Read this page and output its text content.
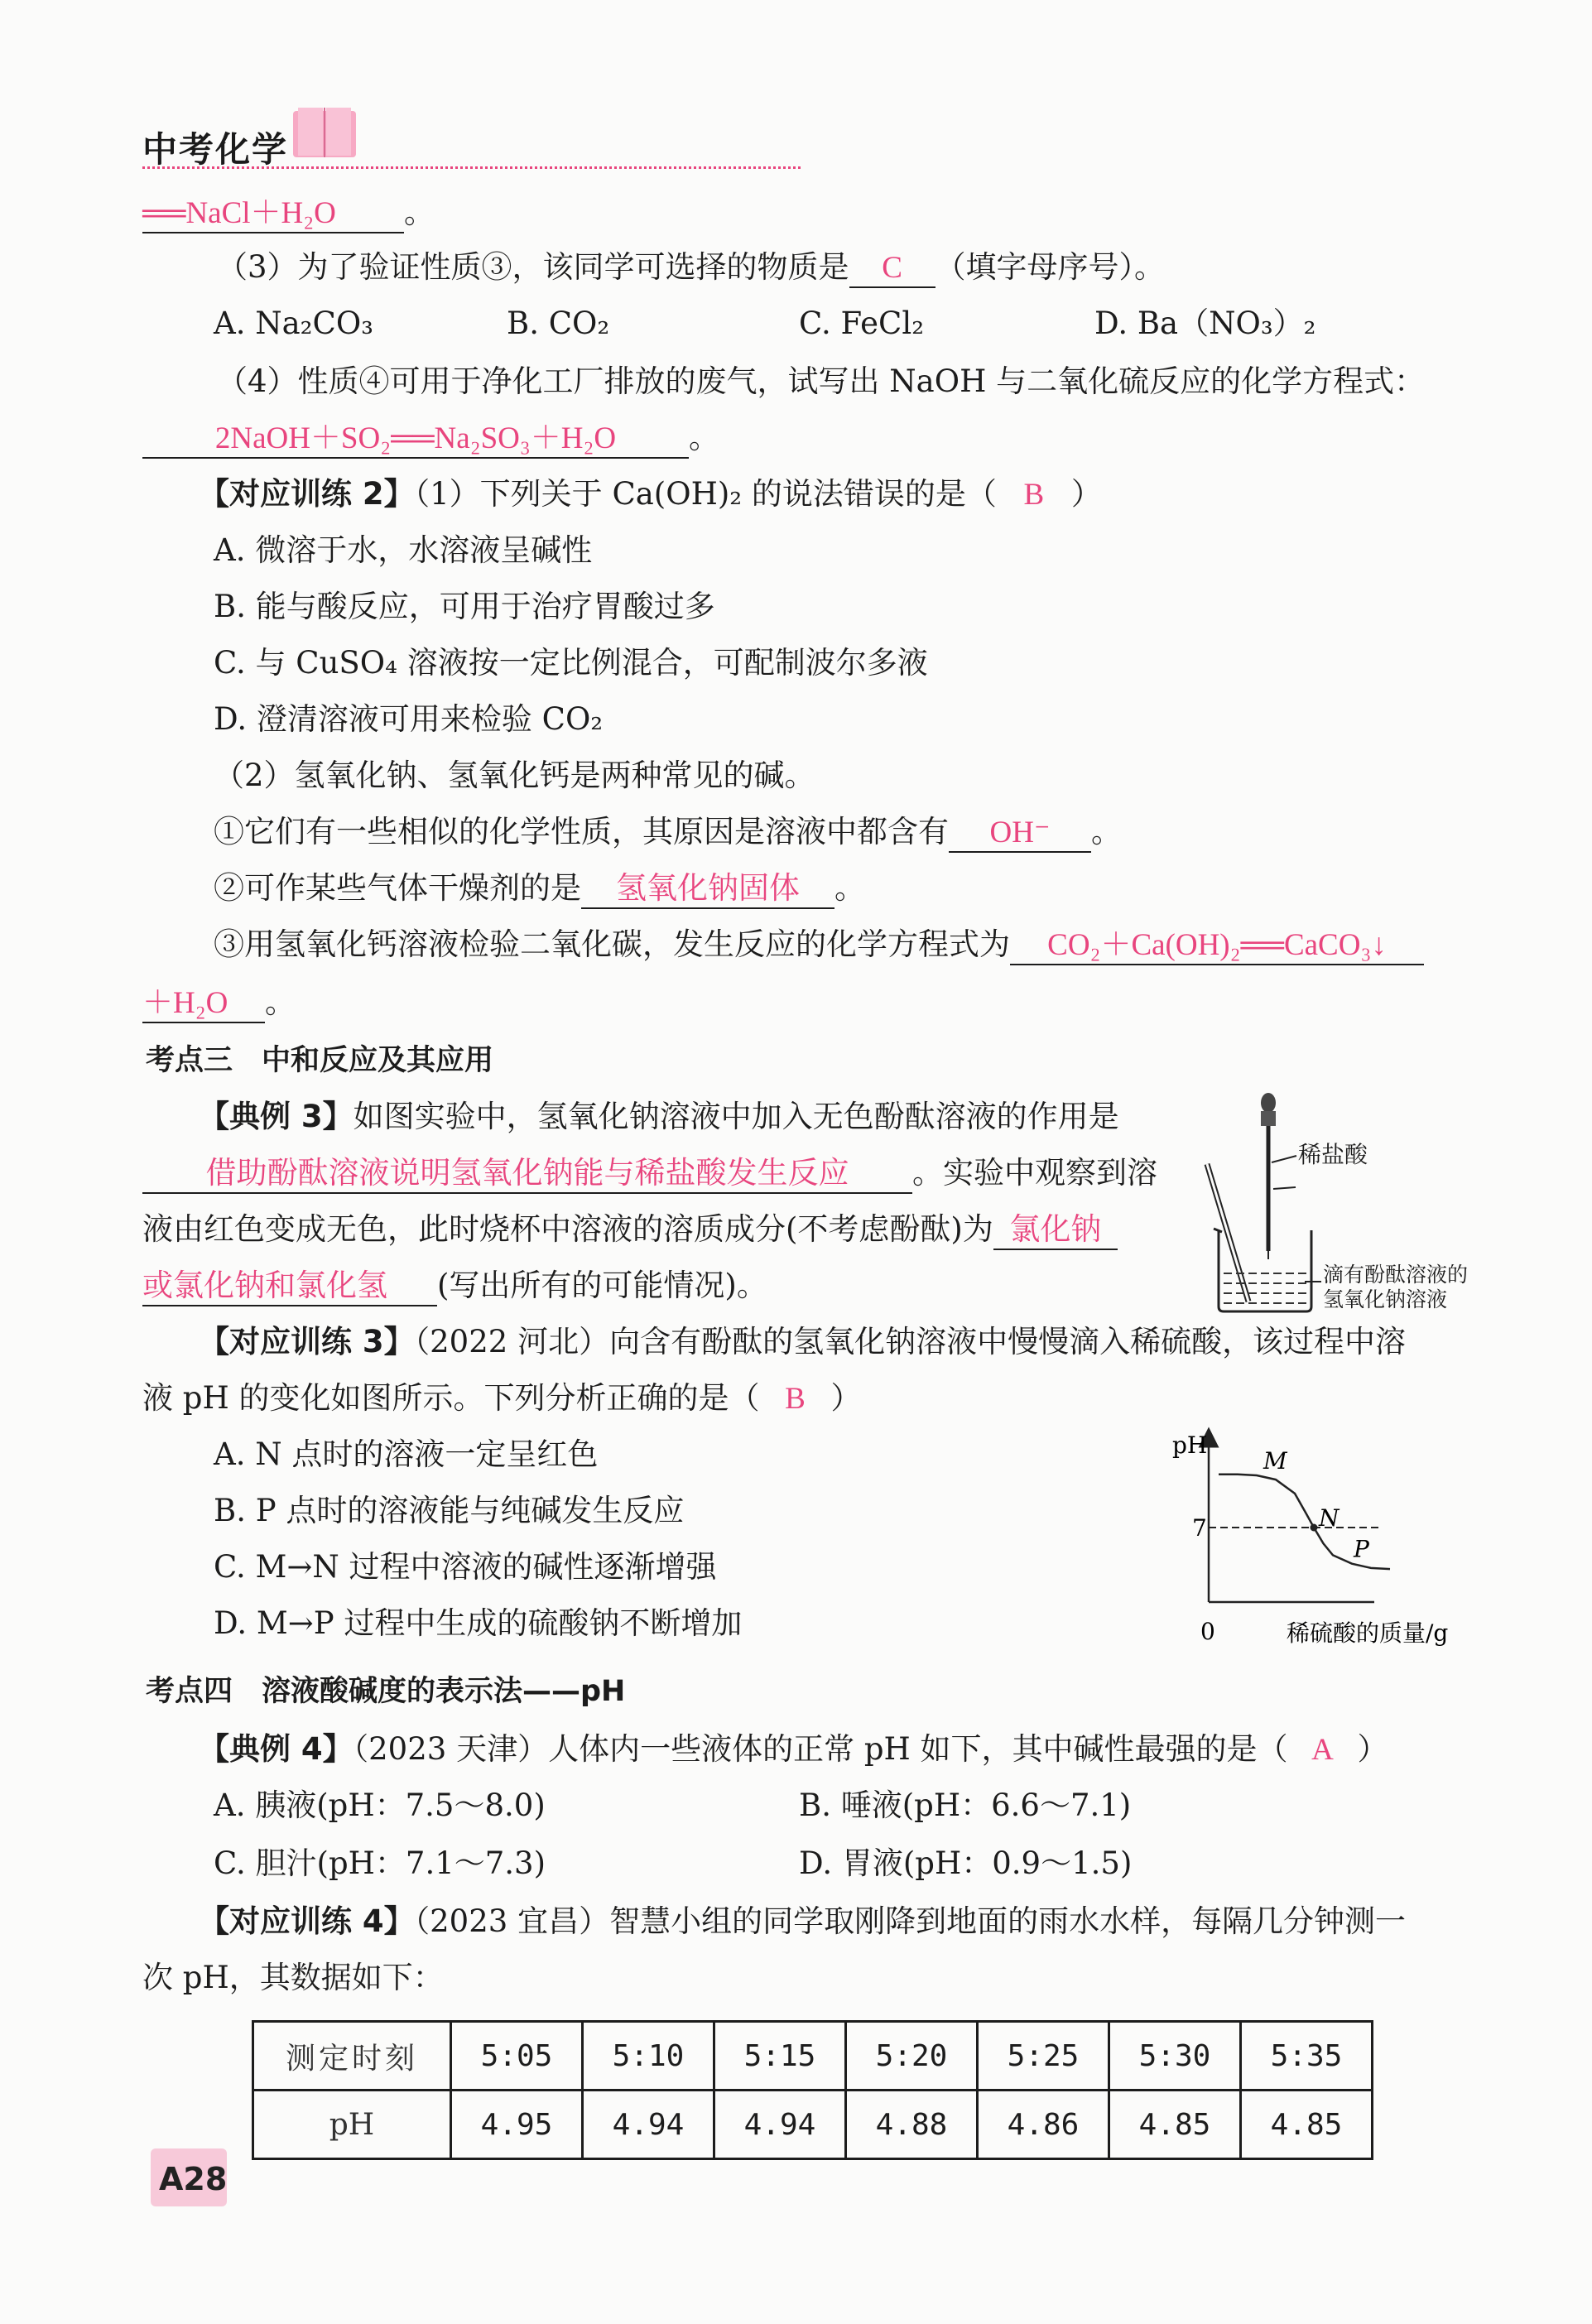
中考化学
══NaCl＋H₂O 。
（3）为了验证性质③，该同学可选择的物质是 C （填字母序号）。
A. Na₂CO₃	B. CO₂	C. FeCl₂	D. Ba（NO₃）₂
（4）性质④可用于净化工厂排放的废气，试写出 NaOH 与二氧化硫反应的化学方程式：
2NaOH＋SO₂══Na₂SO₃＋H₂O 。
【对应训练 2】（1）下列关于 Ca(OH)₂ 的说法错误的是（ B ）
A. 微溶于水，水溶液呈碱性
B. 能与酸反应，可用于治疗胃酸过多
C. 与 CuSO₄ 溶液按一定比例混合，可配制波尔多液
D. 澄清溶液可用来检验 CO₂
（2）氢氧化钠、氢氧化钙是两种常见的碱。
①它们有一些相似的化学性质，其原因是溶液中都含有 OH⁻ 。
②可作某些气体干燥剂的是 氢氧化钠固体 。
③用氢氧化钙溶液检验二氧化碳，发生反应的化学方程式为 CO₂＋Ca(OH)₂══CaCO₃↓
＋H₂O 。
考点三　中和反应及其应用
【典例 3】如图实验中，氢氧化钠溶液中加入无色酚酞溶液的作用是
借助酚酞溶液说明氢氧化钠能与稀盐酸发生反应 。实验中观察到溶
液由红色变成无色，此时烧杯中溶液的溶质成分(不考虑酚酞)为 氯化钠
或氯化钠和氯化氢 (写出所有的可能情况)。
稀盐酸
滴有酚酞溶液的
氢氧化钠溶液
【对应训练 3】（2022 河北）向含有酚酞的氢氧化钠溶液中慢慢滴入稀硫酸，该过程中溶
液 pH 的变化如图所示。下列分析正确的是（ B ）
A. N 点时的溶液一定呈红色
B. P 点时的溶液能与纯碱发生反应
C. M→N 过程中溶液的碱性逐渐增强
D. M→P 过程中生成的硫酸钠不断增加
pH
7
M
N
P
0	稀硫酸的质量/g
考点四　溶液酸碱度的表示法——pH
【典例 4】（2023 天津）人体内一些液体的正常 pH 如下，其中碱性最强的是（ A ）
A. 胰液(pH：7.5～8.0)	B. 唾液(pH：6.6～7.1)
C. 胆汁(pH：7.1～7.3)	D. 胃液(pH：0.9～1.5)
【对应训练 4】（2023 宜昌）智慧小组的同学取刚降到地面的雨水水样，每隔几分钟测一
次 pH，其数据如下：
测定时刻	5:05	5:10	5:15	5:20	5:25	5:30	5:35
pH	4.95	4.94	4.94	4.88	4.86	4.85	4.85
A28
